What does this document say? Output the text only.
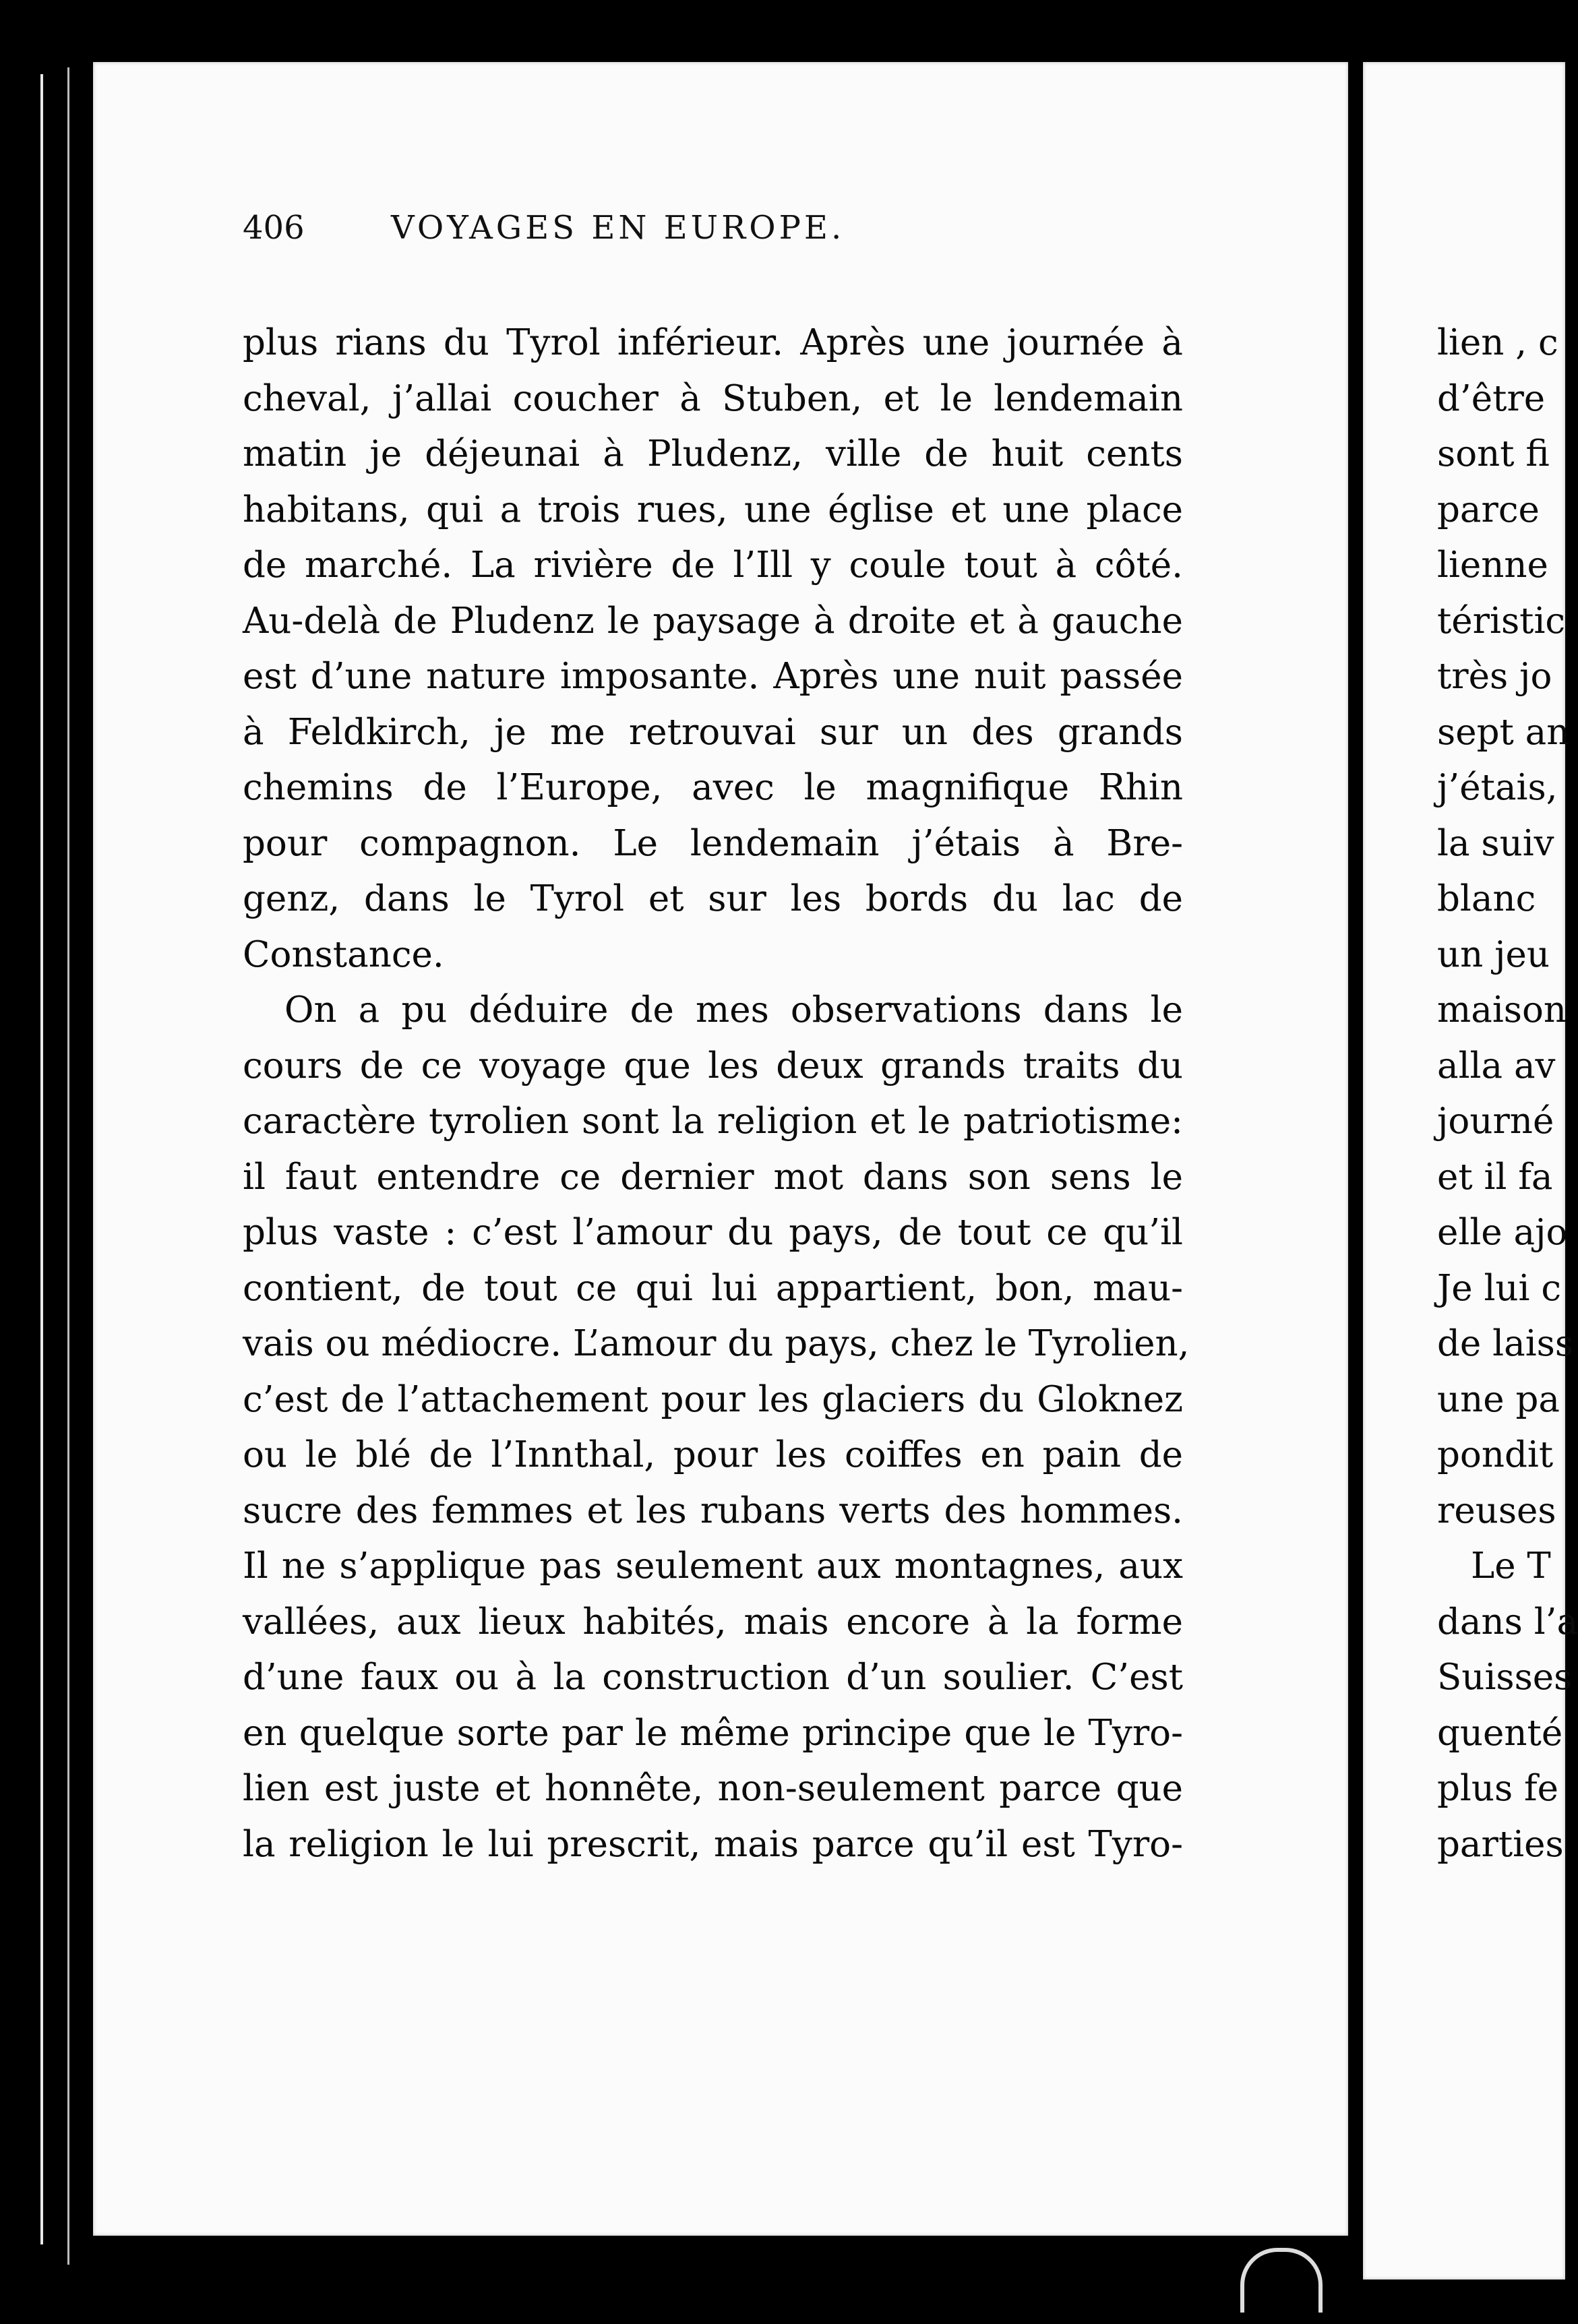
406	VOYAGES EN EUROPE.
plus rians du Tyrol inférieur. Après une journée à
cheval, j’allai coucher à Stuben, et le lendemain
matin je déjeunai à Pludenz, ville de huit cents
habitans, qui a trois rues, une église et une place
de marché. La rivière de l’Ill y coule tout à côté.
Au-delà de Pludenz le paysage à droite et à gauche
est d’une nature imposante. Après une nuit passée
à Feldkirch, je me retrouvai sur un des grands
chemins de l’Europe, avec le magnifique Rhin
pour compagnon. Le lendemain j’étais à Bre-
genz, dans le Tyrol et sur les bords du lac de
Constance.
On a pu déduire de mes observations dans le
cours de ce voyage que les deux grands traits du
caractère tyrolien sont la religion et le patriotisme:
il faut entendre ce dernier mot dans son sens le
plus vaste : c’est l’amour du pays, de tout ce qu’il
contient, de tout ce qui lui appartient, bon, mau-
vais ou médiocre. L’amour du pays, chez le Tyrolien,
c’est de l’attachement pour les glaciers du Gloknez
ou le blé de l’Innthal, pour les coiffes en pain de
sucre des femmes et les rubans verts des hommes.
Il ne s’applique pas seulement aux montagnes, aux
vallées, aux lieux habités, mais encore à la forme
d’une faux ou à la construction d’un soulier. C’est
en quelque sorte par le même principe que le Tyro-
lien est juste et honnête, non-seulement parce que
la religion le lui prescrit, mais parce qu’il est Tyro-
lien , c
d’être
sont fi
parce
lienne
téristic
très jo
sept an
j’étais,
la suiv
blanc
un jeu
maison
alla av
journé
et il fa
elle ajo
Je lui c
de laiss
une pa
pondit
reuses
Le T
dans l’a
Suisses
quenté
plus fe
parties
